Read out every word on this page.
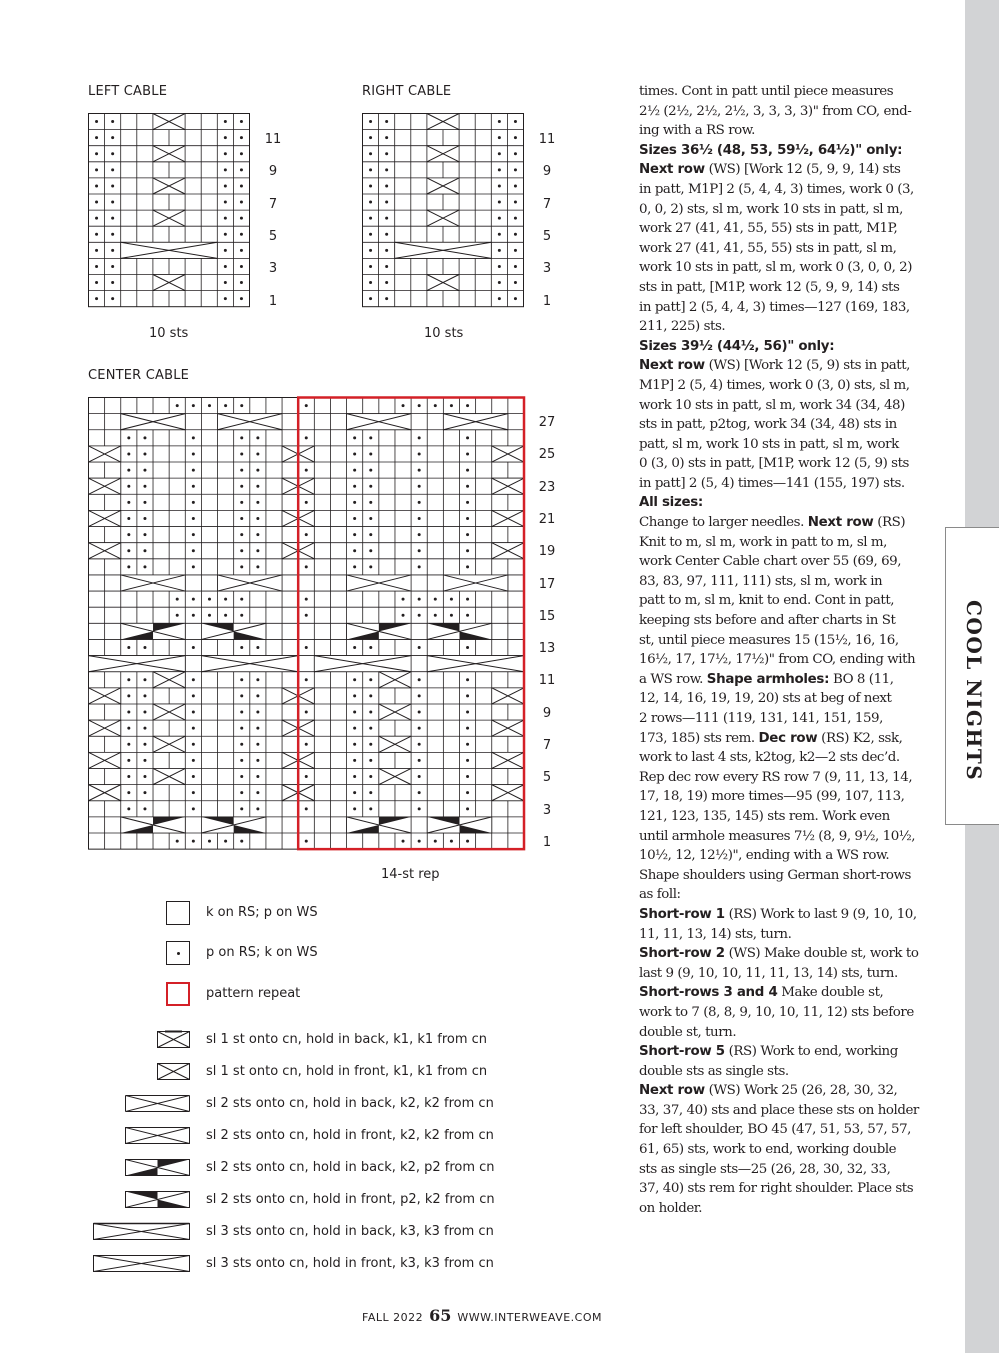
COOL NIGHTS
LEFT CABLE
11
9
7
5
3
1
10 sts
RIGHT CABLE
11
9
7
5
3
1
10 sts
CENTER CABLE
27
25
23
21
19
17
15
13
11
9
7
5
3
1
14-st rep
k on RS; p on WS
p on RS; k on WS
pattern repeat
sl 1 st onto cn, hold in back, k1, k1 from cn
sl 1 st onto cn, hold in front, k1, k1 from cn
sl 2 sts onto cn, hold in back, k2, k2 from cn
sl 2 sts onto cn, hold in front, k2, k2 from cn
sl 2 sts onto cn, hold in back, k2, p2 from cn
sl 2 sts onto cn, hold in front, p2, k2 from cn
sl 3 sts onto cn, hold in back, k3, k3 from cn
sl 3 sts onto cn, hold in front, k3, k3 from cn
times. Cont in patt until piece measures
2½ (2½, 2½, 2½, 3, 3, 3, 3)" from CO, end-
ing with a RS row.
Sizes 36½ (48, 53, 59½, 64½)" only:
Next row (WS) [Work 12 (5, 9, 9, 14) sts
in patt, M1P] 2 (5, 4, 4, 3) times, work 0 (3,
0, 0, 2) sts, sl m, work 10 sts in patt, sl m,
work 27 (41, 41, 55, 55) sts in patt, M1P,
work 27 (41, 41, 55, 55) sts in patt, sl m,
work 10 sts in patt, sl m, work 0 (3, 0, 0, 2)
sts in patt, [M1P, work 12 (5, 9, 9, 14) sts
in patt] 2 (5, 4, 4, 3) times—127 (169, 183,
211, 225) sts.
Sizes 39½ (44½, 56)" only:
Next row (WS) [Work 12 (5, 9) sts in patt,
M1P] 2 (5, 4) times, work 0 (3, 0) sts, sl m,
work 10 sts in patt, sl m, work 34 (34, 48)
sts in patt, p2tog, work 34 (34, 48) sts in
patt, sl m, work 10 sts in patt, sl m, work
0 (3, 0) sts in patt, [M1P, work 12 (5, 9) sts
in patt] 2 (5, 4) times—141 (155, 197) sts.
All sizes:
Change to larger needles. Next row (RS)
Knit to m, sl m, work in patt to m, sl m,
work Center Cable chart over 55 (69, 69,
83, 83, 97, 111, 111) sts, sl m, work in
patt to m, sl m, knit to end. Cont in patt,
keeping sts before and after charts in St
st, until piece measures 15 (15½, 16, 16,
16½, 17, 17½, 17½)" from CO, ending with
a WS row. Shape armholes: BO 8 (11,
12, 14, 16, 19, 19, 20) sts at beg of next
2 rows—111 (119, 131, 141, 151, 159,
173, 185) sts rem. Dec row (RS) K2, ssk,
work to last 4 sts, k2tog, k2—2 sts dec’d.
Rep dec row every RS row 7 (9, 11, 13, 14,
17, 18, 19) more times—95 (99, 107, 113,
121, 123, 135, 145) sts rem. Work even
until armhole measures 7½ (8, 9, 9½, 10½,
10½, 12, 12½)", ending with a WS row.
Shape shoulders using German short-rows
as foll:
Short-row 1 (RS) Work to last 9 (9, 10, 10,
11, 11, 13, 14) sts, turn.
Short-row 2 (WS) Make double st, work to
last 9 (9, 10, 10, 11, 11, 13, 14) sts, turn.
Short-rows 3 and 4 Make double st,
work to 7 (8, 8, 9, 10, 10, 11, 12) sts before
double st, turn.
Short-row 5 (RS) Work to end, working
double sts as single sts.
Next row (WS) Work 25 (26, 28, 30, 32,
33, 37, 40) sts and place these sts on holder
for left shoulder, BO 45 (47, 51, 53, 57, 57,
61, 65) sts, work to end, working double
sts as single sts—25 (26, 28, 30, 32, 33,
37, 40) sts rem for right shoulder. Place sts
on holder.
FALL 2022 65 WWW.INTERWEAVE.COM
